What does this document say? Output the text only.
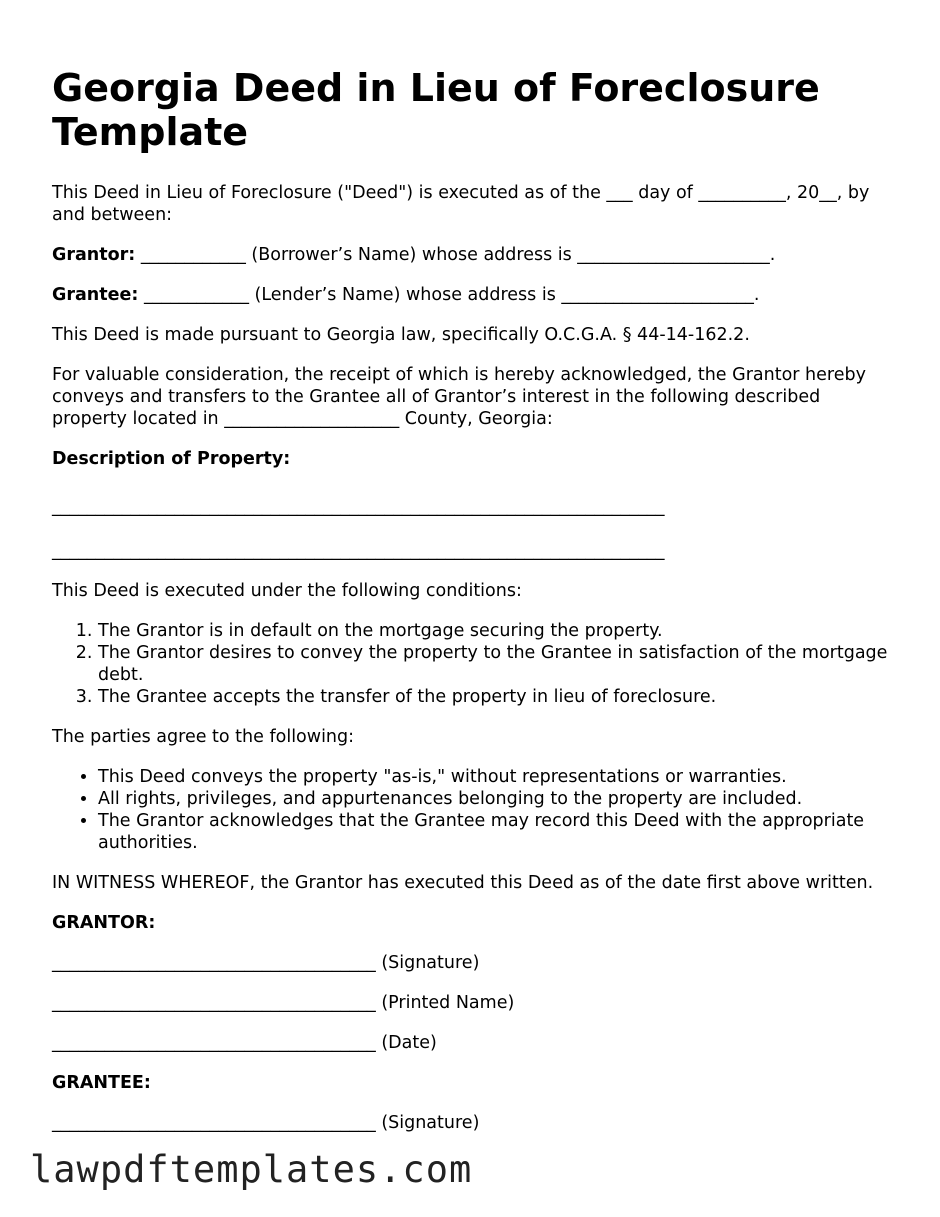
Georgia Deed in Lieu of Foreclosure Template

This Deed in Lieu of Foreclosure ("Deed") is executed as of the ___ day of __________, 20__, by and between:

Grantor: ____________ (Borrower’s Name) whose address is ______________________.

Grantee: ____________ (Lender’s Name) whose address is ______________________.

This Deed is made pursuant to Georgia law, specifically O.C.G.A. § 44-14-162.2.

For valuable consideration, the receipt of which is hereby acknowledged, the Grantor hereby conveys and transfers to the Grantee all of Grantor’s interest in the following described property located in ____________________ County, Georgia:

Description of Property:

______________________________________________________________________

______________________________________________________________________

This Deed is executed under the following conditions:

1. The Grantor is in default on the mortgage securing the property.
2. The Grantor desires to convey the property to the Grantee in satisfaction of the mortgage debt.
3. The Grantee accepts the transfer of the property in lieu of foreclosure.

The parties agree to the following:

• This Deed conveys the property "as-is," without representations or warranties.
• All rights, privileges, and appurtenances belonging to the property are included.
• The Grantor acknowledges that the Grantee may record this Deed with the appropriate authorities.

IN WITNESS WHEREOF, the Grantor has executed this Deed as of the date first above written.

GRANTOR:

_____________________________________ (Signature)

_____________________________________ (Printed Name)

_____________________________________ (Date)

GRANTEE:

_____________________________________ (Signature)

lawpdftemplates.com
